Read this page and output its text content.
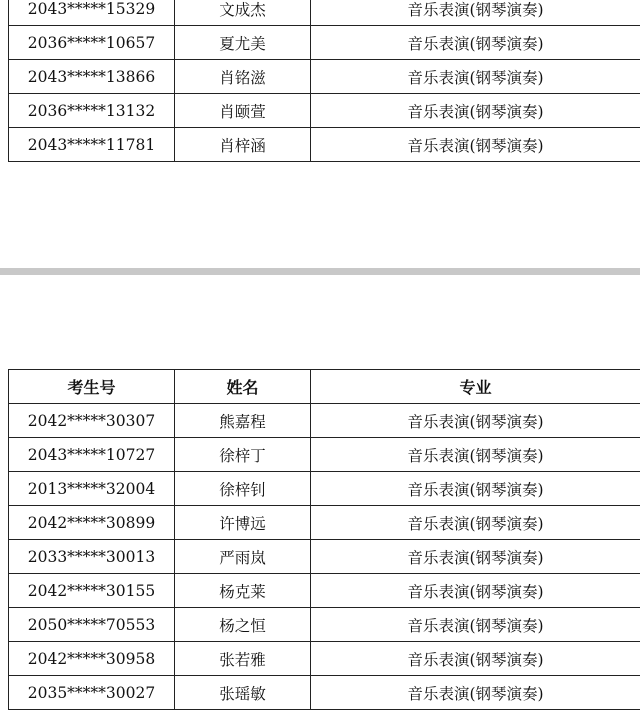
2043*****15329	文成杰	音乐表演(钢琴演奏)
2036*****10657	夏尤美	音乐表演(钢琴演奏)
2043*****13866	肖铭滋	音乐表演(钢琴演奏)
2036*****13132	肖颐萱	音乐表演(钢琴演奏)
2043*****11781	肖梓涵	音乐表演(钢琴演奏)
考生号	姓名	专业
2042*****30307	熊嘉程	音乐表演(钢琴演奏)
2043*****10727	徐梓丁	音乐表演(钢琴演奏)
2013*****32004	徐梓钊	音乐表演(钢琴演奏)
2042*****30899	许博远	音乐表演(钢琴演奏)
2033*****30013	严雨岚	音乐表演(钢琴演奏)
2042*****30155	杨克莱	音乐表演(钢琴演奏)
2050*****70553	杨之恒	音乐表演(钢琴演奏)
2042*****30958	张若雅	音乐表演(钢琴演奏)
2035*****30027	张瑶敏	音乐表演(钢琴演奏)
